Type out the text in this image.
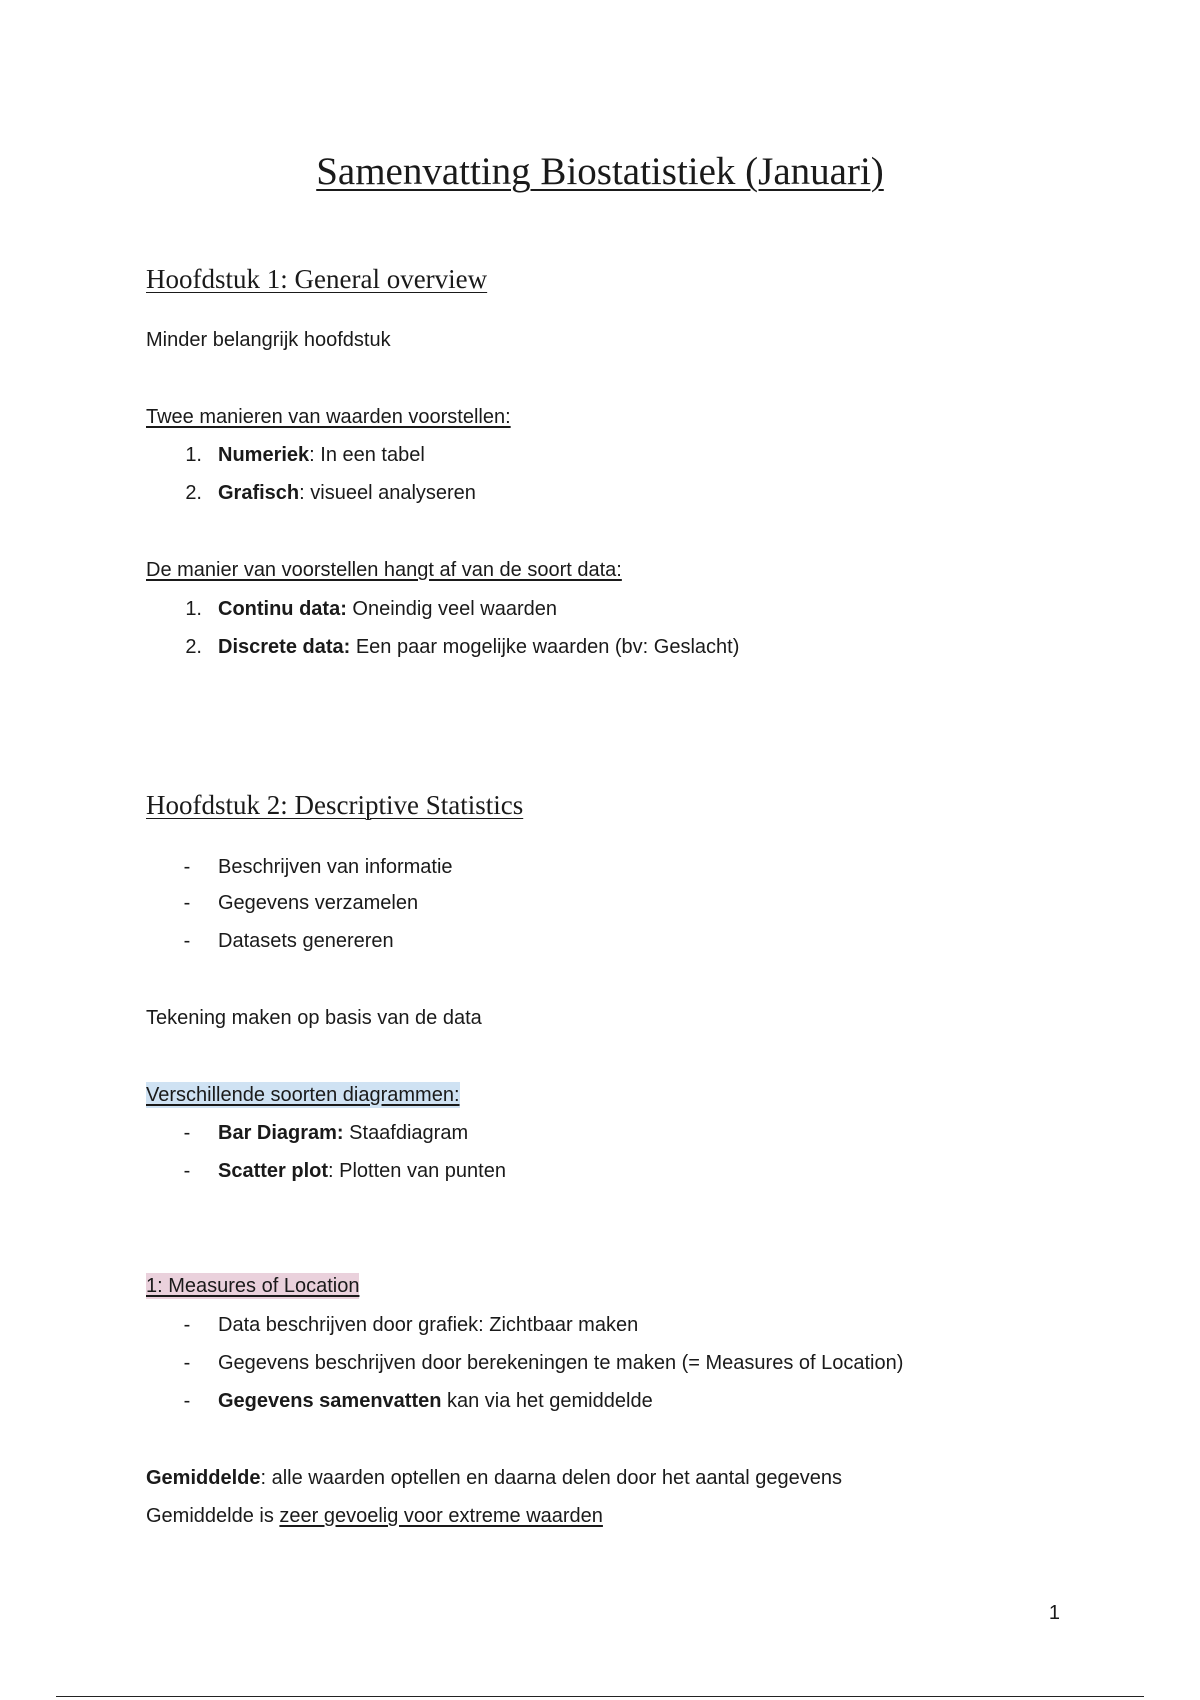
Samenvatting Biostatistiek (Januari)
Hoofdstuk 1: General overview
Minder belangrijk hoofdstuk
Twee manieren van waarden voorstellen:
1. Numeriek: In een tabel
2. Grafisch: visueel analyseren
De manier van voorstellen hangt af van de soort data:
1. Continu data: Oneindig veel waarden
2. Discrete data: Een paar mogelijke waarden (bv: Geslacht)
Hoofdstuk 2: Descriptive Statistics
- Beschrijven van informatie
- Gegevens verzamelen
- Datasets genereren
Tekening maken op basis van de data
Verschillende soorten diagrammen:
- Bar Diagram: Staafdiagram
- Scatter plot: Plotten van punten
1: Measures of Location
- Data beschrijven door grafiek: Zichtbaar maken
- Gegevens beschrijven door berekeningen te maken (= Measures of Location)
- Gegevens samenvatten kan via het gemiddelde
Gemiddelde: alle waarden optellen en daarna delen door het aantal gegevens
Gemiddelde is zeer gevoelig voor extreme waarden
1
